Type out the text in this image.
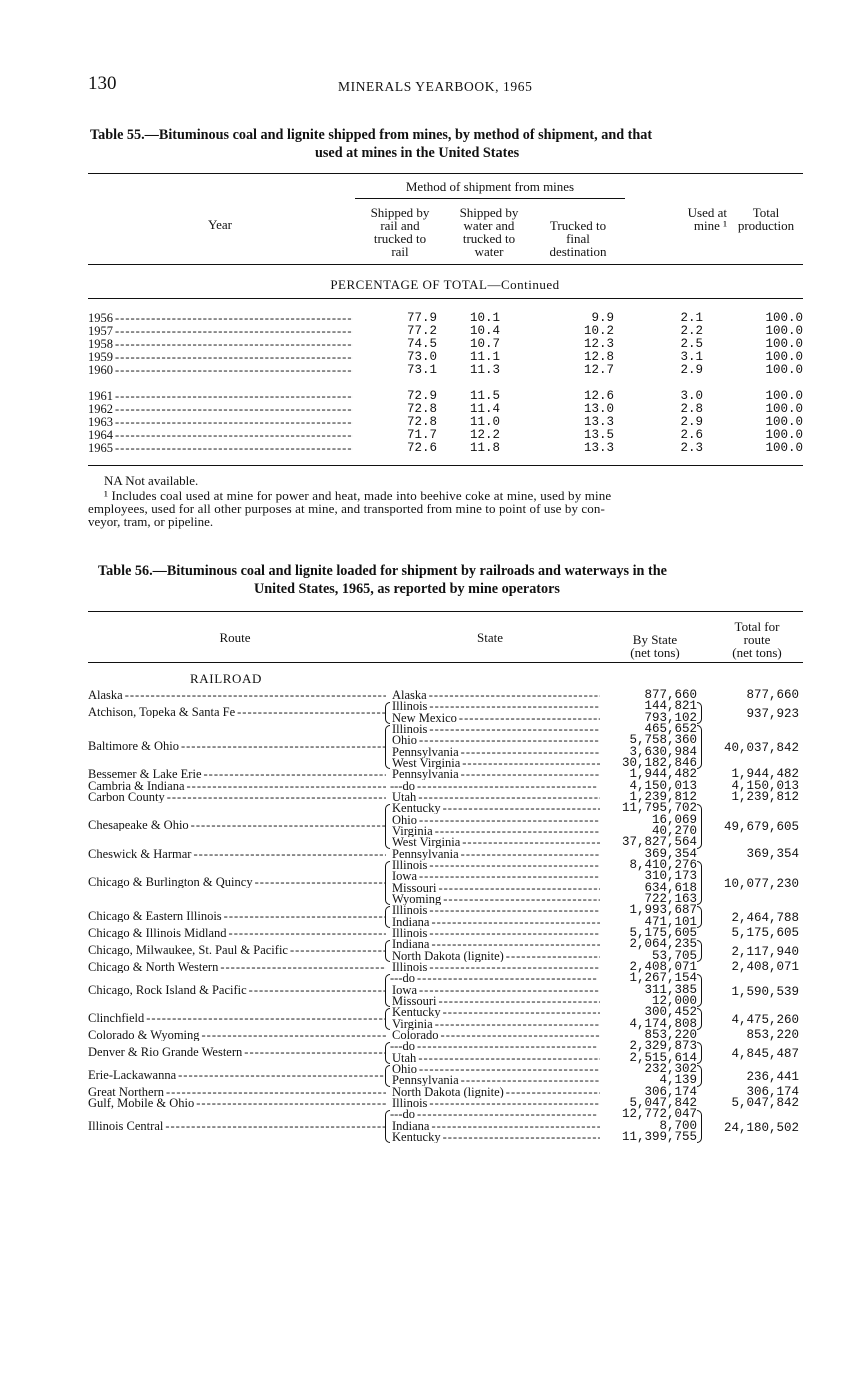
130	MINERALS YEARBOOK, 1965
Table 55.—Bituminous coal and lignite shipped from mines, by method of shipment, and that
used at mines in the United States
Method of shipment from mines
Year
Shipped by
rail and
trucked to
rail
Shipped by
water and
trucked to
water
Trucked to
final
destination
Used at
mine ¹
Total
production
PERCENTAGE OF TOTAL—Continued
1956 -----	77.9	10.1	9.9	2.1	100.0
1957 -----	77.2	10.4	10.2	2.2	100.0
1958 -----	74.5	10.7	12.3	2.5	100.0
1959 -----	73.0	11.1	12.8	3.1	100.0
1960 -----	73.1	11.3	12.7	2.9	100.0
1961 -----	72.9	11.5	12.6	3.0	100.0
1962 -----	72.8	11.4	13.0	2.8	100.0
1963 -----	72.8	11.0	13.3	2.9	100.0
1964 -----	71.7	12.2	13.5	2.6	100.0
1965 -----	72.6	11.8	13.3	2.3	100.0
NA Not available.
¹ Includes coal used at mine for power and heat, made into beehive coke at mine, used by mine
employees, used for all other purposes at mine, and transported from mine to point of use by con-
veyor, tram, or pipeline.
Table 56.—Bituminous coal and lignite loaded for shipment by railroads and waterways in the
United States, 1965, as reported by mine operators
Route	State	By State
(net tons)
Total for
route
(net tons)
RAILROAD
Alaska -----	Alaska -----	877,660	877,660
Atchison, Topeka & Santa Fe -----	Illinois -----	144,821
New Mexico -----	793,102	937,923
Baltimore & Ohio -----
Illinois -----	465,652
Ohio -----	5,758,360
Pennsylvania -----	3,630,984
West Virginia -----	30,182,846
40,037,842
Bessemer & Lake Erie -----	Pennsylvania -----	1,944,482	1,944,482
Cambria & Indiana -----	---do -----	4,150,013	4,150,013
Carbon County -----	Utah -----	1,239,812	1,239,812
Chesapeake & Ohio -----
Kentucky -----	11,795,702
Ohio -----	16,069
Virginia -----	40,270
West Virginia -----	37,827,564
49,679,605
Cheswick & Harmar -----	Pennsylvania -----	369,354	369,354
Chicago & Burlington & Quincy -----
Illinois -----	8,410,276
Iowa -----	310,173
Missouri -----	634,618
Wyoming -----	722,163
10,077,230
Chicago & Eastern Illinois -----	Illinois -----	1,993,687
Indiana -----	471,101	2,464,788
Chicago & Illinois Midland -----	Illinois -----	5,175,605	5,175,605
Chicago, Milwaukee, St. Paul & Pacific -----	Indiana -----	2,064,235
North Dakota (lignite) -----	53,705	2,117,940
Chicago & North Western -----	Illinois -----	2,408,071	2,408,071
Chicago, Rock Island & Pacific -----
---do -----	1,267,154
Iowa -----	311,385
Missouri -----	12,000
1,590,539
Clinchfield -----	Kentucky -----	300,452
Virginia -----	4,174,808	4,475,260
Colorado & Wyoming -----	Colorado -----	853,220	853,220
Denver & Rio Grande Western -----	---do -----	2,329,873
Utah -----	2,515,614	4,845,487
Erie-Lackawanna -----	Ohio -----	232,302
Pennsylvania -----	4,139	236,441
Great Northern -----	North Dakota (lignite) -----	306,174	306,174
Gulf, Mobile & Ohio -----	Illinois -----	5,047,842	5,047,842
Illinois Central -----
---do -----	12,772,047
Indiana -----	8,700
Kentucky -----	11,399,755
24,180,502
